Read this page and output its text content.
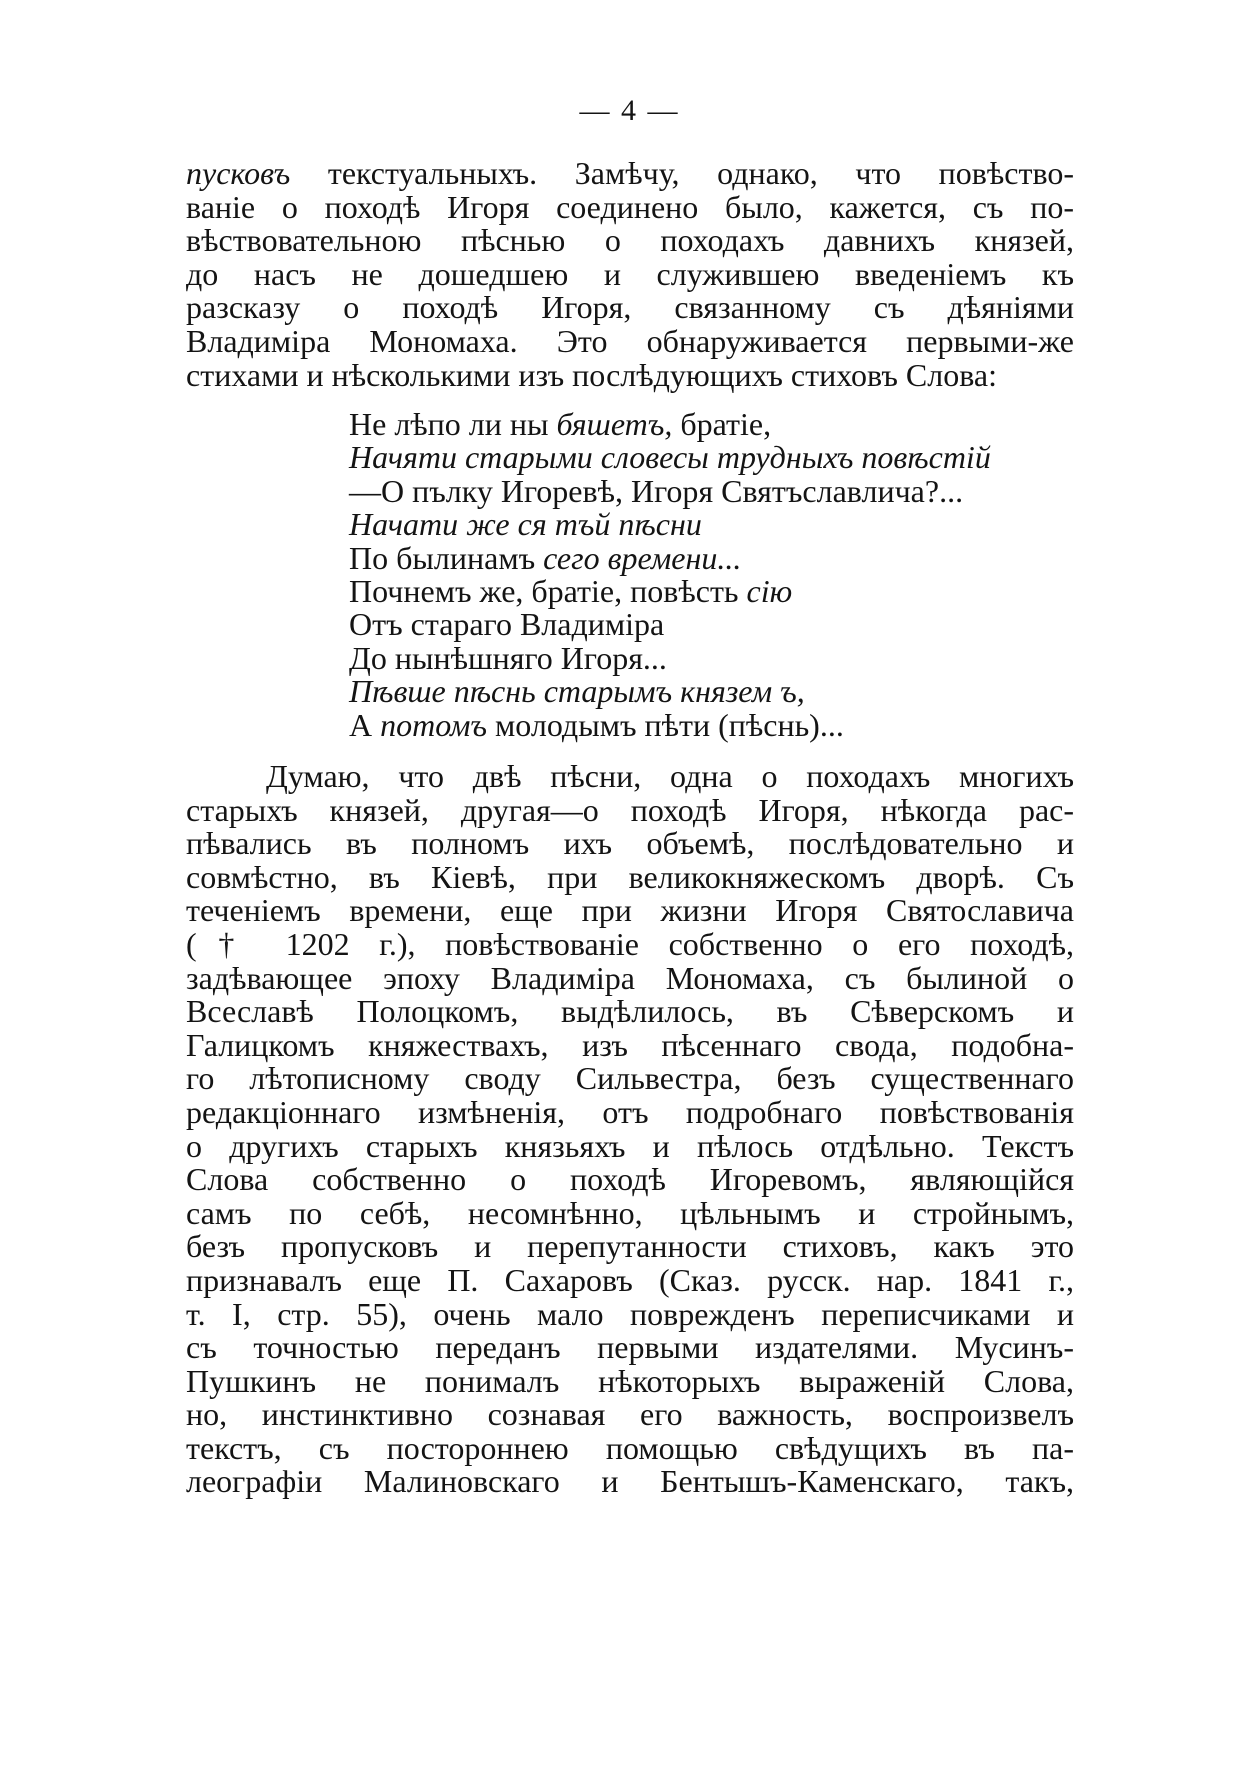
— 4 —
пусковъ текстуальныхъ. Замѣчу, однако, что повѣство-
ваніе о походѣ Игоря соединено было, кажется, съ по-
вѣствовательною пѣснью о походахъ давнихъ князей,
до насъ не дошедшею и служившею введеніемъ къ
разсказу о походѣ Игоря, связанному съ дѣяніями
Владиміра Мономаха. Это обнаруживается первыми-же
стихами и нѣсколькими изъ послѣдующихъ стиховъ Слова:
Не лѣпо ли ны бяшетъ, братіе,
Начяти старыми словесы трудныхъ повѣстій
—О пълку Игоревѣ, Игоря Святъславлича?...
Начати же ся тъй пѣсни
По былинамъ сего времени...
Почнемъ же, братіе, повѣсть сію
Отъ стараго Владиміра
До нынѣшняго Игоря...
Пѣвше пѣснь старымъ князем ъ,
А потомъ молодымъ пѣти (пѣснь)...
Думаю, что двѣ пѣсни, одна о походахъ многихъ
старыхъ князей, другая—о походѣ Игоря, нѣкогда рас-
пѣвались въ полномъ ихъ объемѣ, послѣдовательно и
совмѣстно, въ Кіевѣ, при великокняжескомъ дворѣ. Съ
теченіемъ времени, еще при жизни Игоря Святославича
(† 1202 г.), повѣствованіе собственно о его походѣ,
задѣвающее эпоху Владиміра Мономаха, съ былиной о
Всеславѣ Полоцкомъ, выдѣлилось, въ Сѣверскомъ и
Галицкомъ княжествахъ, изъ пѣсеннаго свода, подобна-
го лѣтописному своду Сильвестра, безъ существеннаго
редакціоннаго измѣненія, отъ подробнаго повѣствованія
о другихъ старыхъ князьяхъ и пѣлось отдѣльно. Текстъ
Слова собственно о походѣ Игоревомъ, являющійся
самъ по себѣ, несомнѣнно, цѣльнымъ и стройнымъ,
безъ пропусковъ и перепутанности стиховъ, какъ это
признавалъ еще П. Сахаровъ (Сказ. русск. нар. 1841 г.,
т. I, стр. 55), очень мало поврежденъ переписчиками и
съ точностью переданъ первыми издателями. Мусинъ-
Пушкинъ не понималъ нѣкоторыхъ выраженій Слова,
но, инстинктивно сознавая его важность, воспроизвелъ
текстъ, съ постороннею помощью свѣдущихъ въ па-
леографіи Малиновскаго и Бентышъ-Каменскаго, такъ,
